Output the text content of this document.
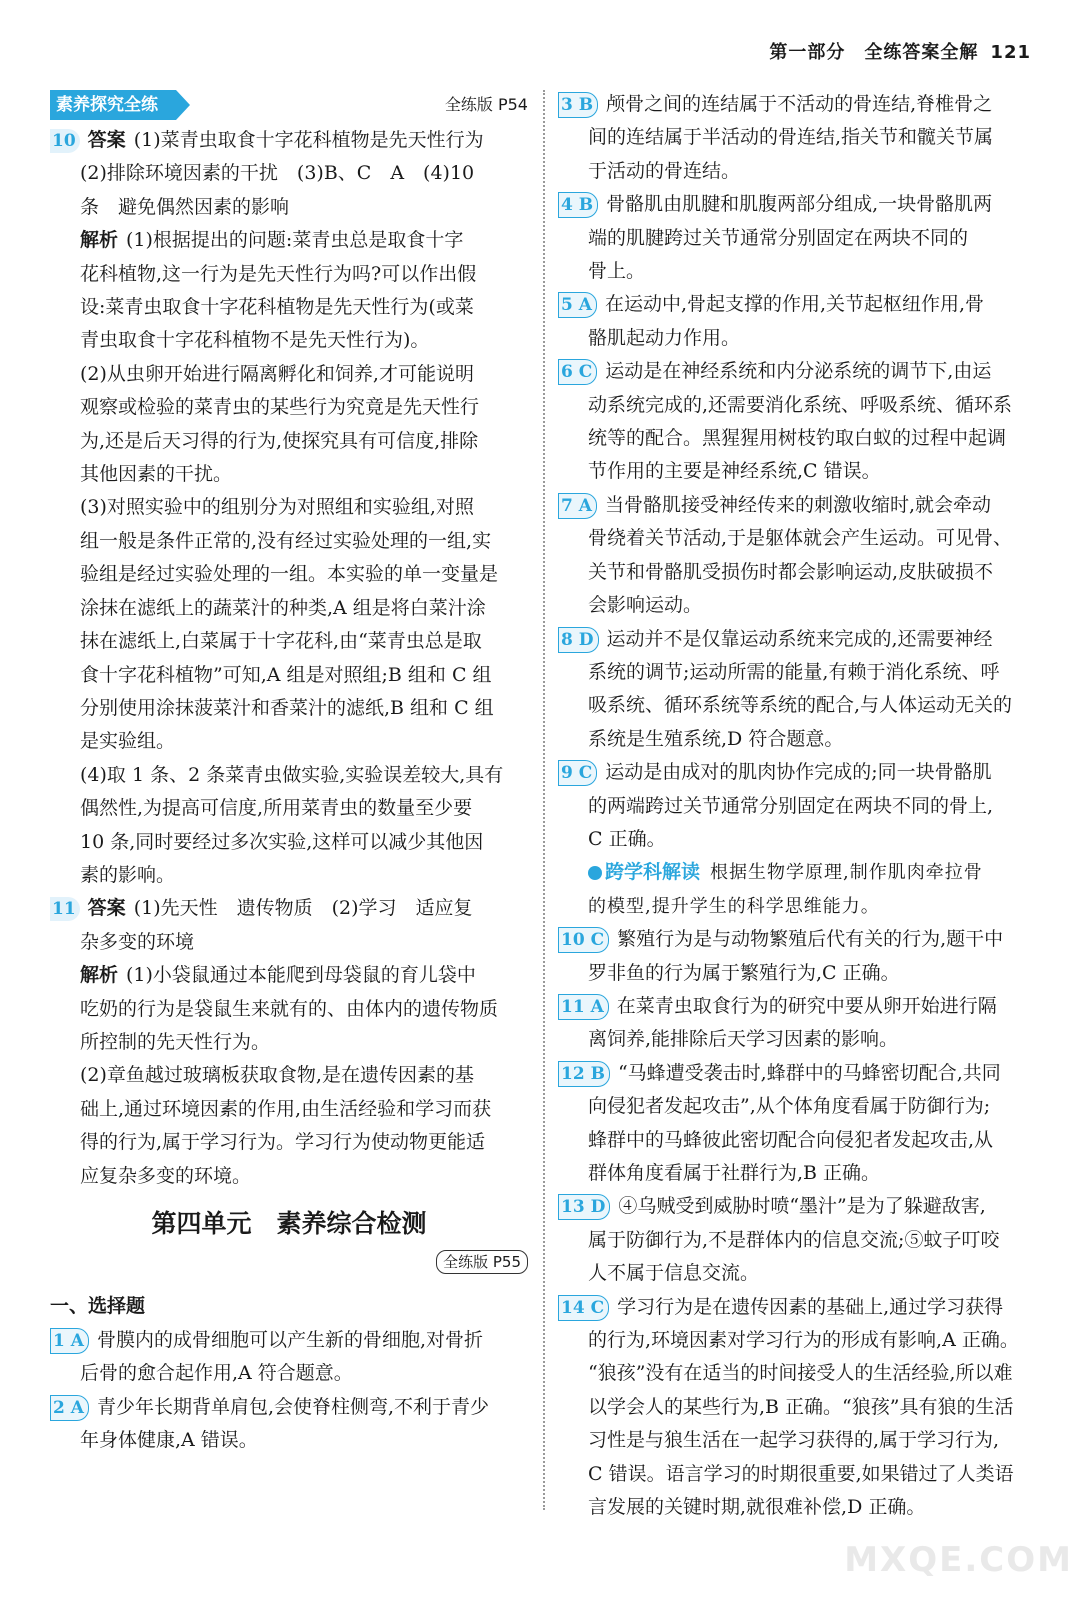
第一部分　全练答案全解 121
素养探究全练	全练版 P54

10 答案 (1)菜青虫取食十字花科植物是先天性行为

(2)排除环境因素的干扰　(3)B、C　A　(4)10

条　避免偶然因素的影响

解析 (1)根据提出的问题:菜青虫总是取食十字

花科植物,这一行为是先天性行为吗?可以作出假

设:菜青虫取食十字花科植物是先天性行为(或菜

青虫取食十字花科植物不是先天性行为)。

(2)从虫卵开始进行隔离孵化和饲养,才可能说明

观察或检验的菜青虫的某些行为究竟是先天性行

为,还是后天习得的行为,使探究具有可信度,排除

其他因素的干扰。

(3)对照实验中的组别分为对照组和实验组,对照

组一般是条件正常的,没有经过实验处理的一组,实

验组是经过实验处理的一组。本实验的单一变量是

涂抹在滤纸上的蔬菜汁的种类,A 组是将白菜汁涂

抹在滤纸上,白菜属于十字花科,由“菜青虫总是取

食十字花科植物”可知,A 组是对照组;B 组和 C 组

分别使用涂抹菠菜汁和香菜汁的滤纸,B 组和 C 组

是实验组。

(4)取 1 条、2 条菜青虫做实验,实验误差较大,具有

偶然性,为提高可信度,所用菜青虫的数量至少要

10 条,同时要经过多次实验,这样可以减少其他因

素的影响。

11 答案 (1)先天性　遗传物质　(2)学习　适应复

杂多变的环境

解析 (1)小袋鼠通过本能爬到母袋鼠的育儿袋中

吃奶的行为是袋鼠生来就有的、由体内的遗传物质

所控制的先天性行为。

(2)章鱼越过玻璃板获取食物,是在遗传因素的基

础上,通过环境因素的作用,由生活经验和学习而获

得的行为,属于学习行为。学习行为使动物更能适

应复杂多变的环境。

第四单元　素养综合检测
全练版 P55
一、选择题

1 A 骨膜内的成骨细胞可以产生新的骨细胞,对骨折

后骨的愈合起作用,A 符合题意。

2 A 青少年长期背单肩包,会使脊柱侧弯,不利于青少

年身体健康,A 错误。

3 B 颅骨之间的连结属于不活动的骨连结,脊椎骨之

间的连结属于半活动的骨连结,指关节和髋关节属

于活动的骨连结。

4 B 骨骼肌由肌腱和肌腹两部分组成,一块骨骼肌两

端的肌腱跨过关节通常分别固定在两块不同的

骨上。

5 A 在运动中,骨起支撑的作用,关节起枢纽作用,骨

骼肌起动力作用。

6 C 运动是在神经系统和内分泌系统的调节下,由运

动系统完成的,还需要消化系统、呼吸系统、循环系

统等的配合。黑猩猩用树枝钓取白蚁的过程中起调

节作用的主要是神经系统,C 错误。

7 A 当骨骼肌接受神经传来的刺激收缩时,就会牵动

骨绕着关节活动,于是躯体就会产生运动。可见骨、

关节和骨骼肌受损伤时都会影响运动,皮肤破损不

会影响运动。

8 D 运动并不是仅靠运动系统来完成的,还需要神经

系统的调节;运动所需的能量,有赖于消化系统、呼

吸系统、循环系统等系统的配合,与人体运动无关的

系统是生殖系统,D 符合题意。

9 C 运动是由成对的肌肉协作完成的;同一块骨骼肌

的两端跨过关节通常分别固定在两块不同的骨上,

C 正确。

跨学科解读 根据生物学原理,制作肌肉牵拉骨

的模型,提升学生的科学思维能力。

10 C 繁殖行为是与动物繁殖后代有关的行为,题干中

罗非鱼的行为属于繁殖行为,C 正确。

11 A 在菜青虫取食行为的研究中要从卵开始进行隔

离饲养,能排除后天学习因素的影响。

12 B “马蜂遭受袭击时,蜂群中的马蜂密切配合,共同

向侵犯者发起攻击”,从个体角度看属于防御行为;

蜂群中的马蜂彼此密切配合向侵犯者发起攻击,从

群体角度看属于社群行为,B 正确。

13 D ④乌贼受到威胁时喷“墨汁”是为了躲避敌害,

属于防御行为,不是群体内的信息交流;⑤蚊子叮咬

人不属于信息交流。

14 C 学习行为是在遗传因素的基础上,通过学习获得

的行为,环境因素对学习行为的形成有影响,A 正确。

“狼孩”没有在适当的时间接受人的生活经验,所以难

以学会人的某些行为,B 正确。“狼孩”具有狼的生活

习性是与狼生活在一起学习获得的,属于学习行为,

C 错误。语言学习的时期很重要,如果错过了人类语

言发展的关键时期,就很难补偿,D 正确。

MXQE.COM
